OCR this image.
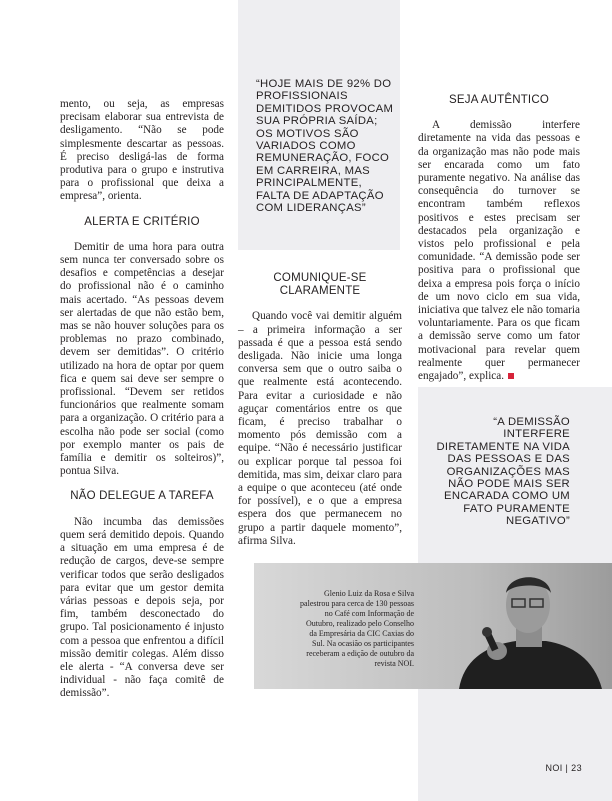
mento, ou seja, as empresas precisam elaborar sua entrevista de desligamento. “Não se pode simplesmente descartar as pessoas. É preciso desligá-las de forma produtiva para o grupo e instrutiva para o profissional que deixa a empresa”, orienta.

ALERTA E CRITÉRIO

Demitir de uma hora para outra sem nunca ter conversado sobre os desafios e competências a desejar do profissional não é o caminho mais acertado. “As pessoas devem ser alertadas de que não estão bem, mas se não houver soluções para os problemas no prazo combinado, devem ser demitidas”. O critério utilizado na hora de optar por quem fica e quem sai deve ser sempre o profissional. “Devem ser retidos funcionários que realmente somam para a organização. O critério para a escolha não pode ser social (como por exemplo manter os pais de família e demitir os solteiros)”, pontua Silva.

NÃO DELEGUE A TAREFA

Não incumba das demissões quem será demitido depois. Quando a situação em uma empresa é de redução de cargos, deve-se sempre verificar todos que serão desligados para evitar que um gestor demita várias pessoas e depois seja, por fim, também desconectado do grupo. Tal posicionamento é injusto com a pessoa que enfrentou a difícil missão demitir colegas. Além disso ele alerta - “A conversa deve ser individual - não faça comitê de demissão”.

“HOJE MAIS DE 92% DO PROFISSIONAIS DEMITIDOS PROVOCAM SUA PRÓPRIA SAÍDA; OS MOTIVOS SÃO VARIADOS COMO REMUNERAÇÃO, FOCO EM CARREIRA, MAS PRINCIPALMENTE, FALTA DE ADAPTAÇÃO COM LIDERANÇAS”
COMUNIQUE-SE CLARAMENTE

Quando você vai demitir alguém – a primeira informação a ser passada é que a pessoa está sendo desligada. Não inicie uma longa conversa sem que o outro saiba o que realmente está acontecendo. Para evitar a curiosidade e não aguçar comentários entre os que ficam, é preciso trabalhar o momento pós demissão com a equipe. “Não é necessário justificar ou explicar porque tal pessoa foi demitida, mas sim, deixar claro para a equipe o que aconteceu (até onde for possível), e o que a empresa espera dos que permanecem no grupo a partir daquele momento”, afirma Silva.

SEJA AUTÊNTICO

A demissão interfere diretamente na vida das pessoas e da organização mas não pode mais ser encarada como um fato puramente negativo. Na análise das consequência do turnover se encontram também reflexos positivos e estes precisam ser destacados pela organização e vistos pelo profissional e pela comunidade. “A demissão pode ser positiva para o profissional que deixa a empresa pois força o início de um novo ciclo em sua vida, iniciativa que talvez ele não tomaria voluntariamente. Para os que ficam a demissão serve como um fator motivacional para revelar quem realmente quer permanecer engajado”, explica.

“A DEMISSÃO INTERFERE DIRETAMENTE NA VIDA DAS PESSOAS E DAS ORGANIZAÇÕES MAS NÃO PODE MAIS SER ENCARADA COMO UM FATO PURAMENTE NEGATIVO”
Glenio Luiz da Rosa e Silva palestrou para cerca de 130 pessoas no Café com Informação de Outubro, realizado pelo Conselho da Empresária da CIC Caxias do Sul. Na ocasião os participantes receberam a edição de outubro da revista NOI.
NOI | 23
